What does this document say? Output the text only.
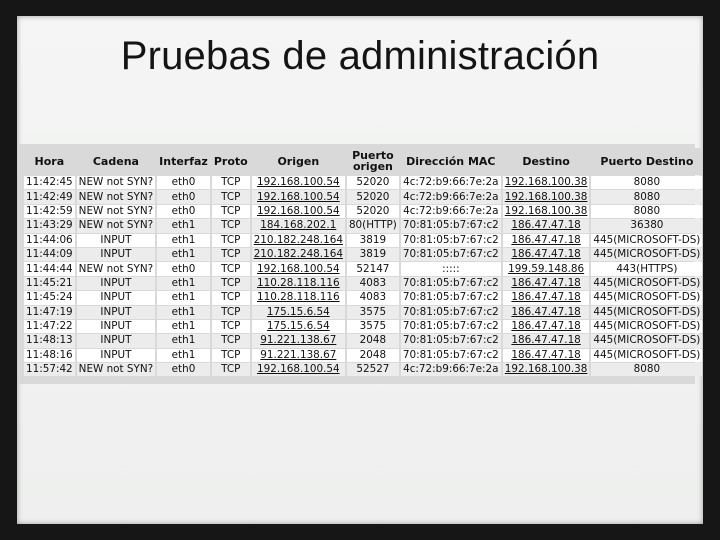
Pruebas de administración
Hora	Cadena	Interfaz	Proto	Origen	Puerto origen	Dirección MAC	Destino	Puerto Destino
11:42:45	NEW not SYN?	eth0	TCP	192.168.100.54	52020	4c:72:b9:66:7e:2a	192.168.100.38	8080
11:42:49	NEW not SYN?	eth0	TCP	192.168.100.54	52020	4c:72:b9:66:7e:2a	192.168.100.38	8080
11:42:59	NEW not SYN?	eth0	TCP	192.168.100.54	52020	4c:72:b9:66:7e:2a	192.168.100.38	8080
11:43:29	NEW not SYN?	eth1	TCP	184.168.202.1	80(HTTP)	70:81:05:b7:67:c2	186.47.47.18	36380
11:44:06	INPUT	eth1	TCP	210.182.248.164	3819	70:81:05:b7:67:c2	186.47.47.18	445(MICROSOFT-DS)
11:44:09	INPUT	eth1	TCP	210.182.248.164	3819	70:81:05:b7:67:c2	186.47.47.18	445(MICROSOFT-DS)
11:44:44	NEW not SYN?	eth0	TCP	192.168.100.54	52147	:::::	199.59.148.86	443(HTTPS)
11:45:21	INPUT	eth1	TCP	110.28.118.116	4083	70:81:05:b7:67:c2	186.47.47.18	445(MICROSOFT-DS)
11:45:24	INPUT	eth1	TCP	110.28.118.116	4083	70:81:05:b7:67:c2	186.47.47.18	445(MICROSOFT-DS)
11:47:19	INPUT	eth1	TCP	175.15.6.54	3575	70:81:05:b7:67:c2	186.47.47.18	445(MICROSOFT-DS)
11:47:22	INPUT	eth1	TCP	175.15.6.54	3575	70:81:05:b7:67:c2	186.47.47.18	445(MICROSOFT-DS)
11:48:13	INPUT	eth1	TCP	91.221.138.67	2048	70:81:05:b7:67:c2	186.47.47.18	445(MICROSOFT-DS)
11:48:16	INPUT	eth1	TCP	91.221.138.67	2048	70:81:05:b7:67:c2	186.47.47.18	445(MICROSOFT-DS)
11:57:42	NEW not SYN?	eth0	TCP	192.168.100.54	52527	4c:72:b9:66:7e:2a	192.168.100.38	8080
